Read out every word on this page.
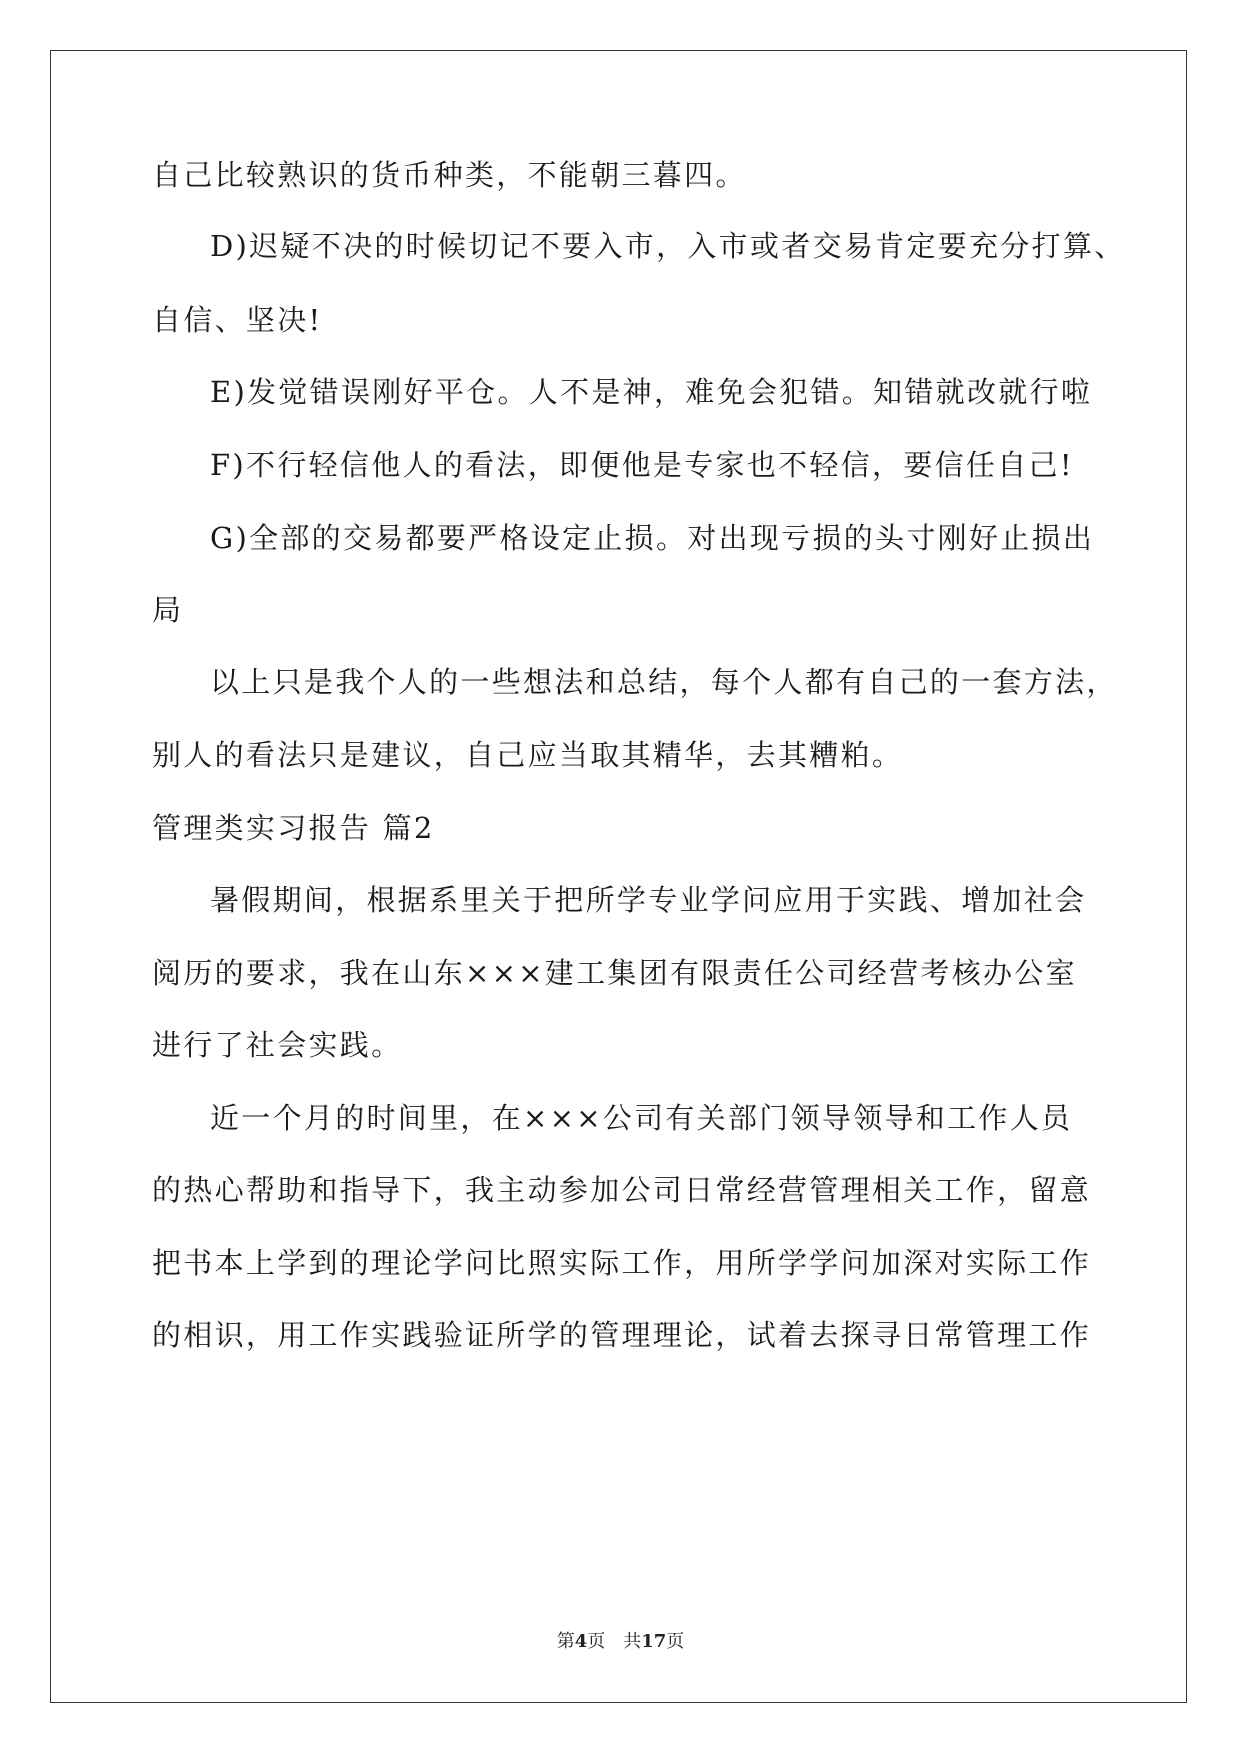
自己比较熟识的货币种类，不能朝三暮四。
D)迟疑不决的时候切记不要入市，入市或者交易肯定要充分打算、
自信、坚决!
E)发觉错误刚好平仓。人不是神，难免会犯错。知错就改就行啦
F)不行轻信他人的看法，即便他是专家也不轻信，要信任自己!
G)全部的交易都要严格设定止损。对出现亏损的头寸刚好止损出
局
以上只是我个人的一些想法和总结，每个人都有自己的一套方法，
别人的看法只是建议，自己应当取其精华，去其糟粕。
管理类实习报告 篇2
暑假期间，根据系里关于把所学专业学问应用于实践、增加社会
阅历的要求，我在山东×××建工集团有限责任公司经营考核办公室
进行了社会实践。
近一个月的时间里，在×××公司有关部门领导领导和工作人员
的热心帮助和指导下，我主动参加公司日常经营管理相关工作，留意
把书本上学到的理论学问比照实际工作，用所学学问加深对实际工作
的相识，用工作实践验证所学的管理理论，试着去探寻日常管理工作
第4页　共17页
